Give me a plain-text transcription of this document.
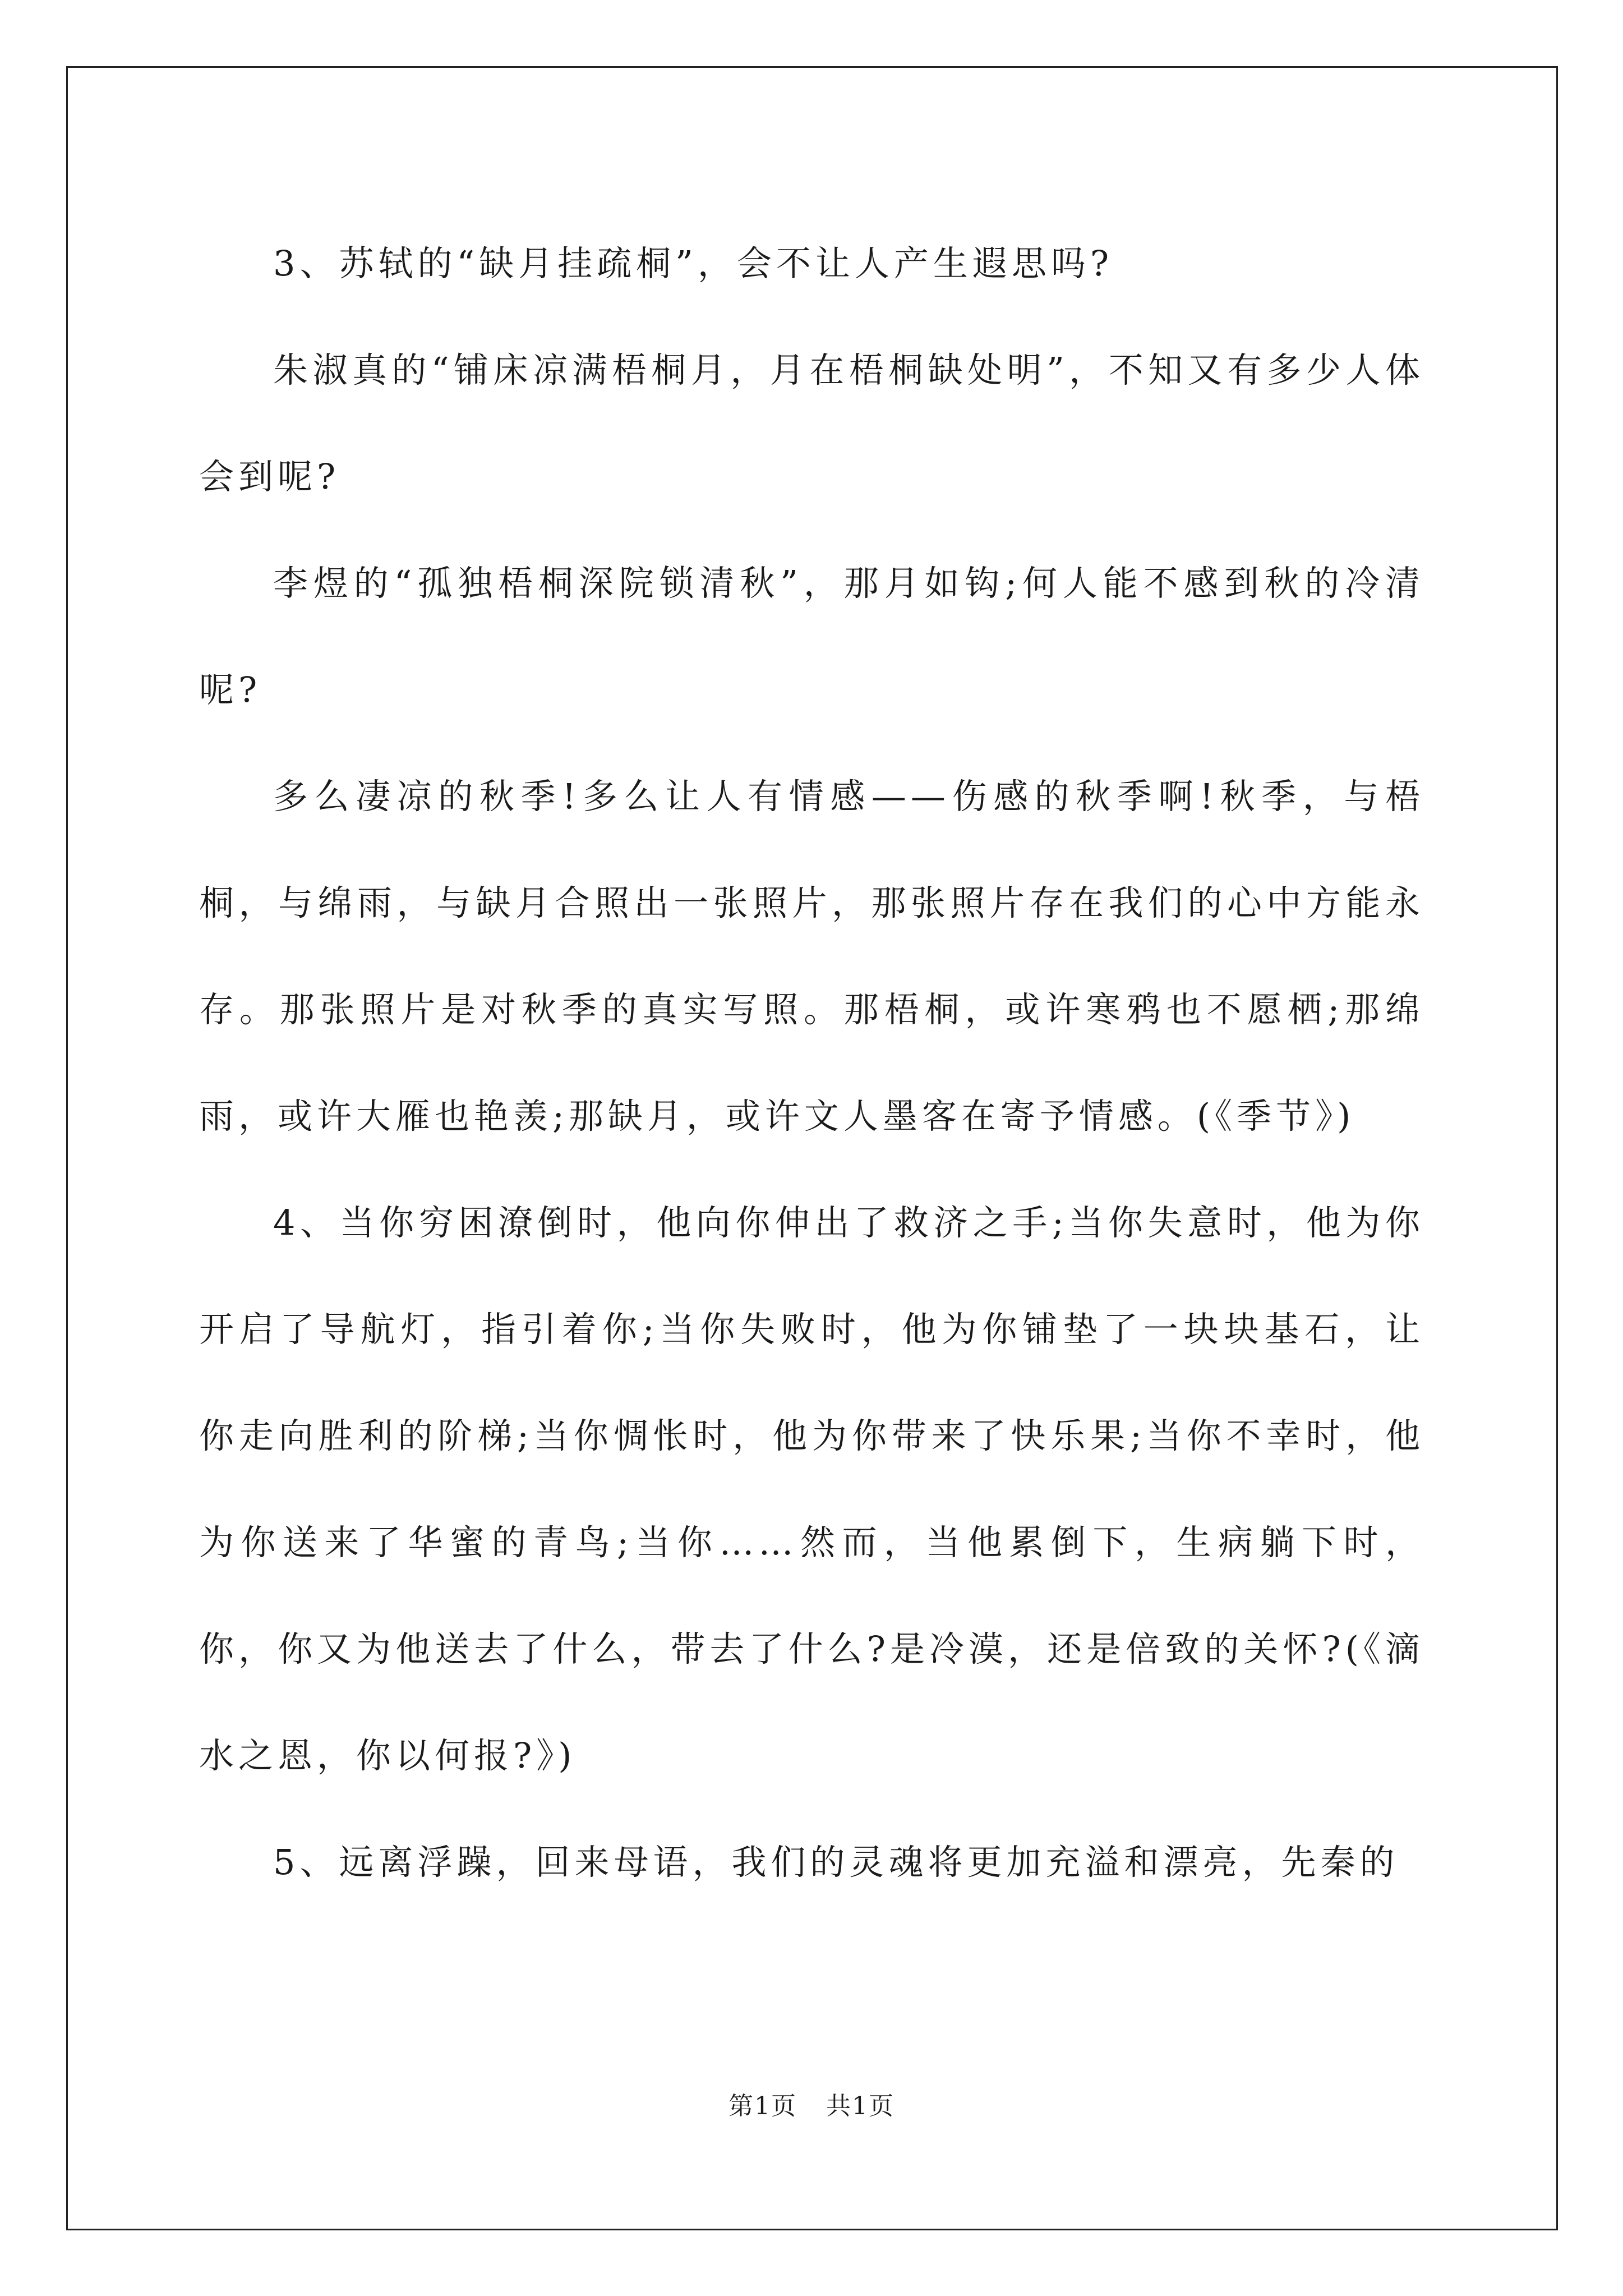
3、苏轼的“缺月挂疏桐”，会不让人产生遐思吗?

朱淑真的“铺床凉满梧桐月，月在梧桐缺处明”，不知又有多少人体会到呢?

李煜的“孤独梧桐深院锁清秋”，那月如钩;何人能不感到秋的冷清呢?

多么凄凉的秋季!多么让人有情感——伤感的秋季啊!秋季，与梧桐，与绵雨，与缺月合照出一张照片，那张照片存在我们的心中方能永存。那张照片是对秋季的真实写照。那梧桐，或许寒鸦也不愿栖;那绵雨，或许大雁也艳羡;那缺月，或许文人墨客在寄予情感。(《季节》)

4、当你穷困潦倒时，他向你伸出了救济之手;当你失意时，他为你开启了导航灯，指引着你;当你失败时，他为你铺垫了一块块基石，让你走向胜利的阶梯;当你惆怅时，他为你带来了快乐果;当你不幸时，他为你送来了华蜜的青鸟;当你……然而，当他累倒下，生病躺下时，你，你又为他送去了什么，带去了什么?是冷漠，还是倍致的关怀?(《滴水之恩，你以何报?》)

5、远离浮躁，回来母语，我们的灵魂将更加充溢和漂亮，先秦的

第1页 共1页
